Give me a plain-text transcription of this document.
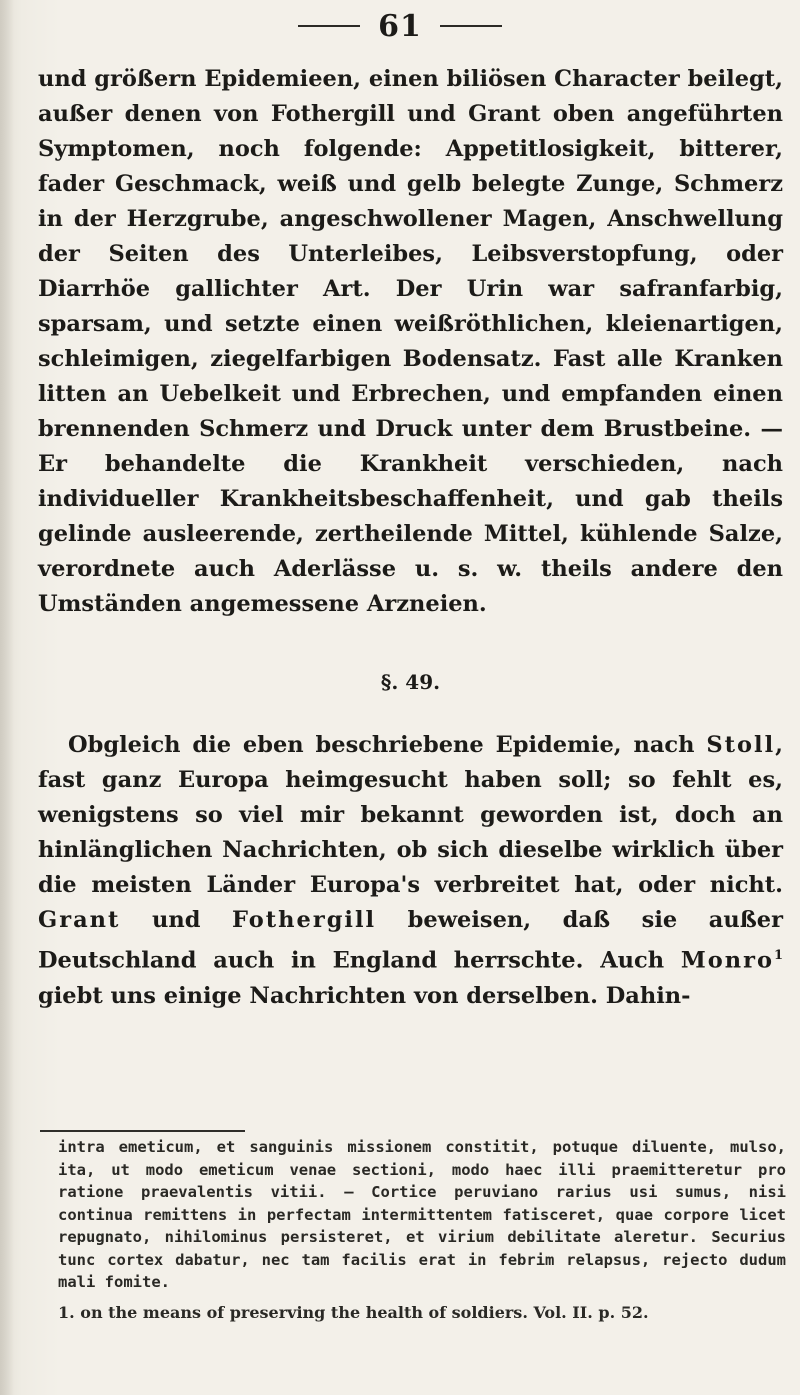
61

und größern Epidemieen, einen biliösen Character beilegt, außer denen von Fothergill und Grant oben angeführten Symptomen, noch folgende: Appetitlosigkeit, bitterer, fader Geschmack, weiß und gelb belegte Zunge, Schmerz in der Herzgrube, angeschwollener Magen, Anschwellung der Seiten des Unterleibes, Leibsverstopfung, oder Diarrhöe gallichter Art. Der Urin war safranfarbig, sparsam, und setzte einen weißröthlichen, kleienartigen, schleimigen, ziegelfarbigen Bodensatz. Fast alle Kranken litten an Uebelkeit und Erbrechen, und empfanden einen brennenden Schmerz und Druck unter dem Brustbeine. — Er behandelte die Krankheit verschieden, nach individueller Krankheitsbeschaffenheit, und gab theils gelinde ausleerende, zertheilende Mittel, kühlende Salze, verordnete auch Aderlässe u. s. w. theils andere den Umständen angemessene Arzneien.

§. 49.

Obgleich die eben beschriebene Epidemie, nach Stoll, fast ganz Europa heimgesucht haben soll; so fehlt es, wenigstens so viel mir bekannt geworden ist, doch an hinlänglichen Nachrichten, ob sich dieselbe wirklich über die meisten Länder Europa's verbreitet hat, oder nicht. Grant und Fothergill beweisen, daß sie außer Deutschland auch in England herrschte. Auch Monro$^1$ giebt uns einige Nachrichten von derselben. Dahin-

intra emeticum, et sanguinis missionem constitit, potuque diluente, mulso, ita, ut modo emeticum venae sectioni, modo haec illi praemitteretur pro ratione praevalentis vitii. — Cortice peruviano rarius usi sumus, nisi continua remittens in perfectam intermittentem fatisceret, quae corpore licet repugnato, nihilominus persisteret, et virium debilitate aleretur. Securius tunc cortex dabatur, nec tam facilis erat in febrim relapsus, rejecto dudum mali fomite.

1. on the means of preserving the health of soldiers. Vol. II. p. 52.
